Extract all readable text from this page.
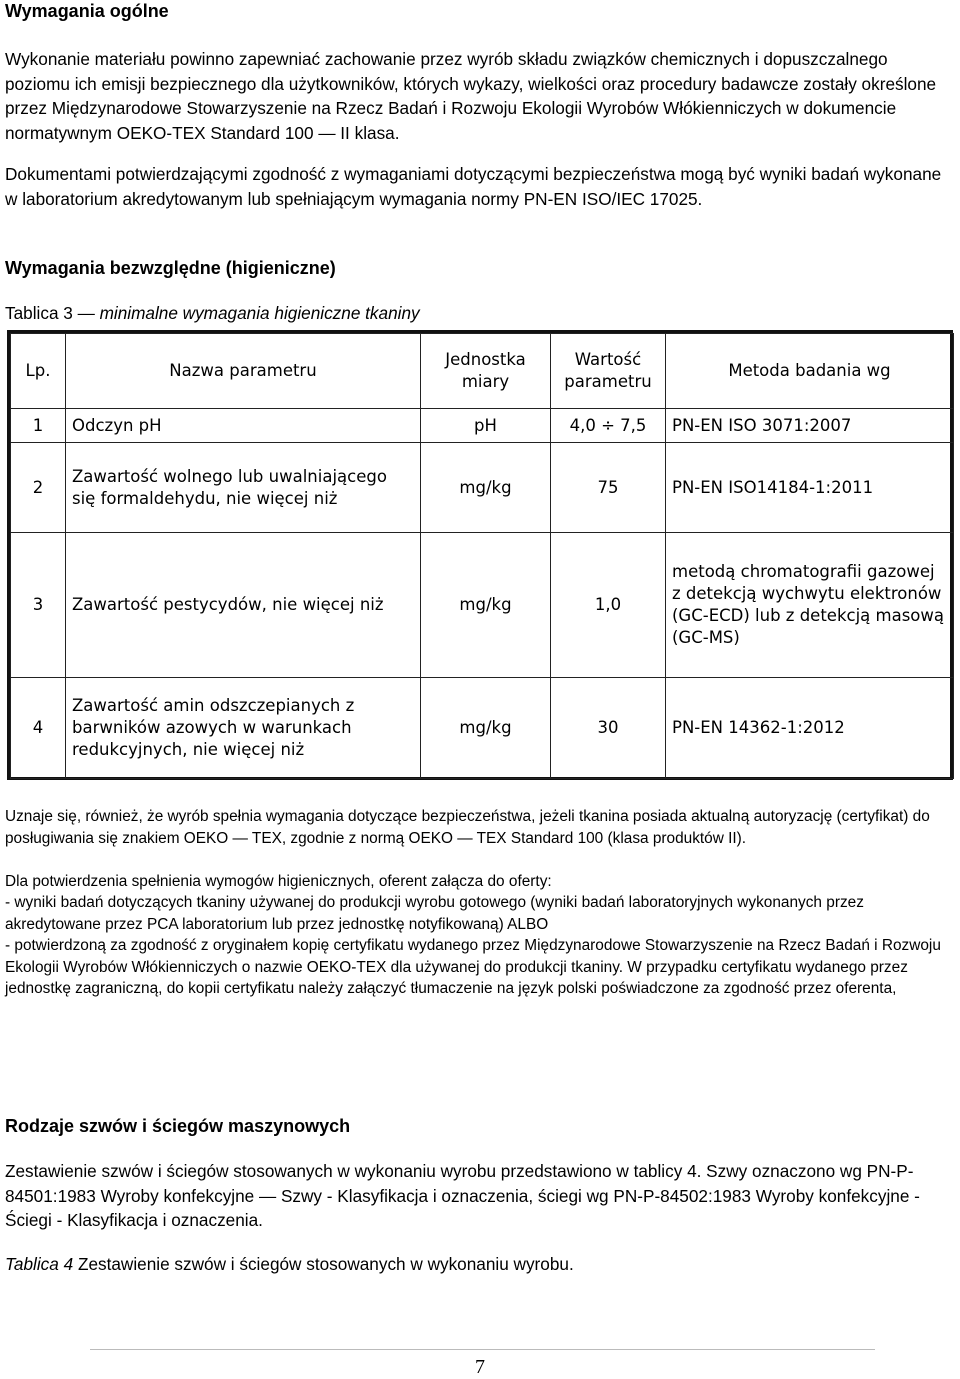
Wymagania ogólne

Wykonanie materiału powinno zapewniać zachowanie przez wyrób składu związków chemicznych i dopuszczalnego poziomu ich emisji bezpiecznego dla użytkowników, których wykazy, wielkości oraz procedury badawcze zostały określone przez Międzynarodowe Stowarzyszenie na Rzecz Badań i Rozwoju Ekologii Wyrobów Włókienniczych w dokumencie normatywnym OEKO-TEX Standard 100 — II klasa.

Dokumentami potwierdzającymi zgodność z wymaganiami dotyczącymi bezpieczeństwa mogą być wyniki badań wykonane w laboratorium akredytowanym lub spełniającym wymagania normy PN-EN ISO/IEC 17025.

Wymagania bezwzględne (higieniczne)

Tablica 3 — minimalne wymagania higieniczne tkaniny

Lp.	Nazwa parametru	Jednostka miary	Wartość parametru	Metoda badania wg
1	Odczyn pH	pH	4,0 ÷ 7,5	PN-EN ISO 3071:2007
2	Zawartość wolnego lub uwalniającego się formaldehydu, nie więcej niż	mg/kg	75	PN-EN ISO14184-1:2011
3	Zawartość pestycydów, nie więcej niż	mg/kg	1,0	metodą chromatografii gazowej z detekcją wychwytu elektronów (GC-ECD) lub z detekcją masową (GC-MS)
4	Zawartość amin odszczepianych z barwników azowych w warunkach redukcyjnych, nie więcej niż	mg/kg	30	PN-EN 14362-1:2012

Uznaje się, również, że wyrób spełnia wymagania dotyczące bezpieczeństwa, jeżeli tkanina posiada aktualną autoryzację (certyfikat) do posługiwania się znakiem OEKO — TEX, zgodnie z normą OEKO — TEX Standard 100 (klasa produktów II).

Dla potwierdzenia spełnienia wymogów higienicznych, oferent załącza do oferty:

- wyniki badań dotyczących tkaniny używanej do produkcji wyrobu gotowego (wyniki badań laboratoryjnych wykonanych przez akredytowane przez PCA laboratorium lub przez jednostkę notyfikowaną) ALBO

- potwierdzoną za zgodność z oryginałem kopię certyfikatu wydanego przez Międzynarodowe Stowarzyszenie na Rzecz Badań i Rozwoju Ekologii Wyrobów Włókienniczych o nazwie OEKO-TEX dla używanej do produkcji tkaniny. W przypadku certyfikatu wydanego przez jednostkę zagraniczną, do kopii certyfikatu należy załączyć tłumaczenie na język polski poświadczone za zgodność przez oferenta,

Rodzaje szwów i ściegów maszynowych

Zestawienie szwów i ściegów stosowanych w wykonaniu wyrobu przedstawiono w tablicy 4. Szwy oznaczono wg PN-P-84501:1983 Wyroby konfekcyjne — Szwy - Klasyfikacja i oznaczenia, ściegi wg PN-P-84502:1983 Wyroby konfekcyjne - Ściegi - Klasyfikacja i oznaczenia.

Tablica 4 Zestawienie szwów i ściegów stosowanych w wykonaniu wyrobu.

7
